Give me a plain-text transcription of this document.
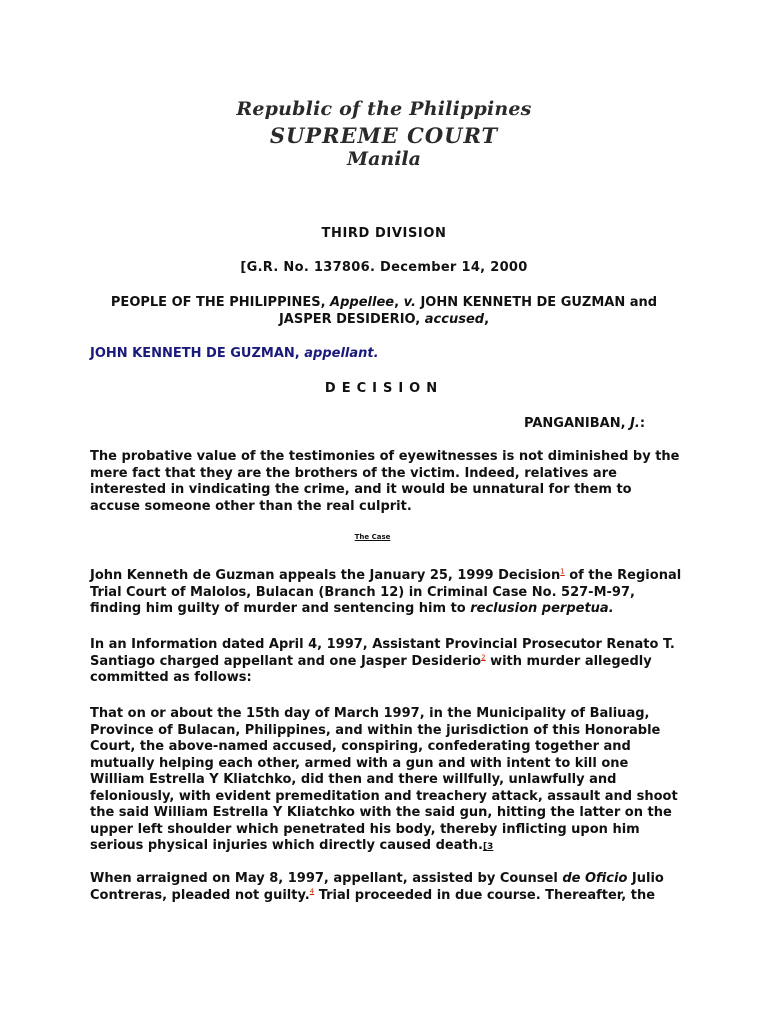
Republic of the Philippines
SUPREME COURT
Manila
THIRD DIVISION
[G.R. No. 137806. December 14, 2000
PEOPLE OF THE PHILIPPINES, Appellee, v. JOHN KENNETH DE GUZMAN and JASPER DESIDERIO, accused,
JOHN KENNETH DE GUZMAN, appellant.
DECISION
PANGANIBAN, J.:

The probative value of the testimonies of eyewitnesses is not diminished by the mere fact that they are the brothers of the victim. Indeed, relatives are interested in vindicating the crime, and it would be unnatural for them to accuse someone other than the real culprit.

The Case

John Kenneth de Guzman appeals the January 25, 1999 Decision$^1$ of the Regional Trial Court of Malolos, Bulacan (Branch 12) in Criminal Case No. 527-M-97, finding him guilty of murder and sentencing him to reclusion perpetua.

In an Information dated April 4, 1997, Assistant Provincial Prosecutor Renato T. Santiago charged appellant and one Jasper Desiderio$^2$ with murder allegedly committed as follows:

That on or about the 15th day of March 1997, in the Municipality of Baliuag, Province of Bulacan, Philippines, and within the jurisdiction of this Honorable Court, the above-named accused, conspiring, confederating together and mutually helping each other, armed with a gun and with intent to kill one William Estrella Y Kliatchko, did then and there willfully, unlawfully and feloniously, with evident premeditation and treachery attack, assault and shoot the said William Estrella Y Kliatchko with the said gun, hitting the latter on the upper left shoulder which penetrated his body, thereby inflicting upon him serious physical injuries which directly caused death.[3

When arraigned on May 8, 1997, appellant, assisted by Counsel de Oficio Julio Contreras, pleaded not guilty.$^4$ Trial proceeded in due course. Thereafter, the
